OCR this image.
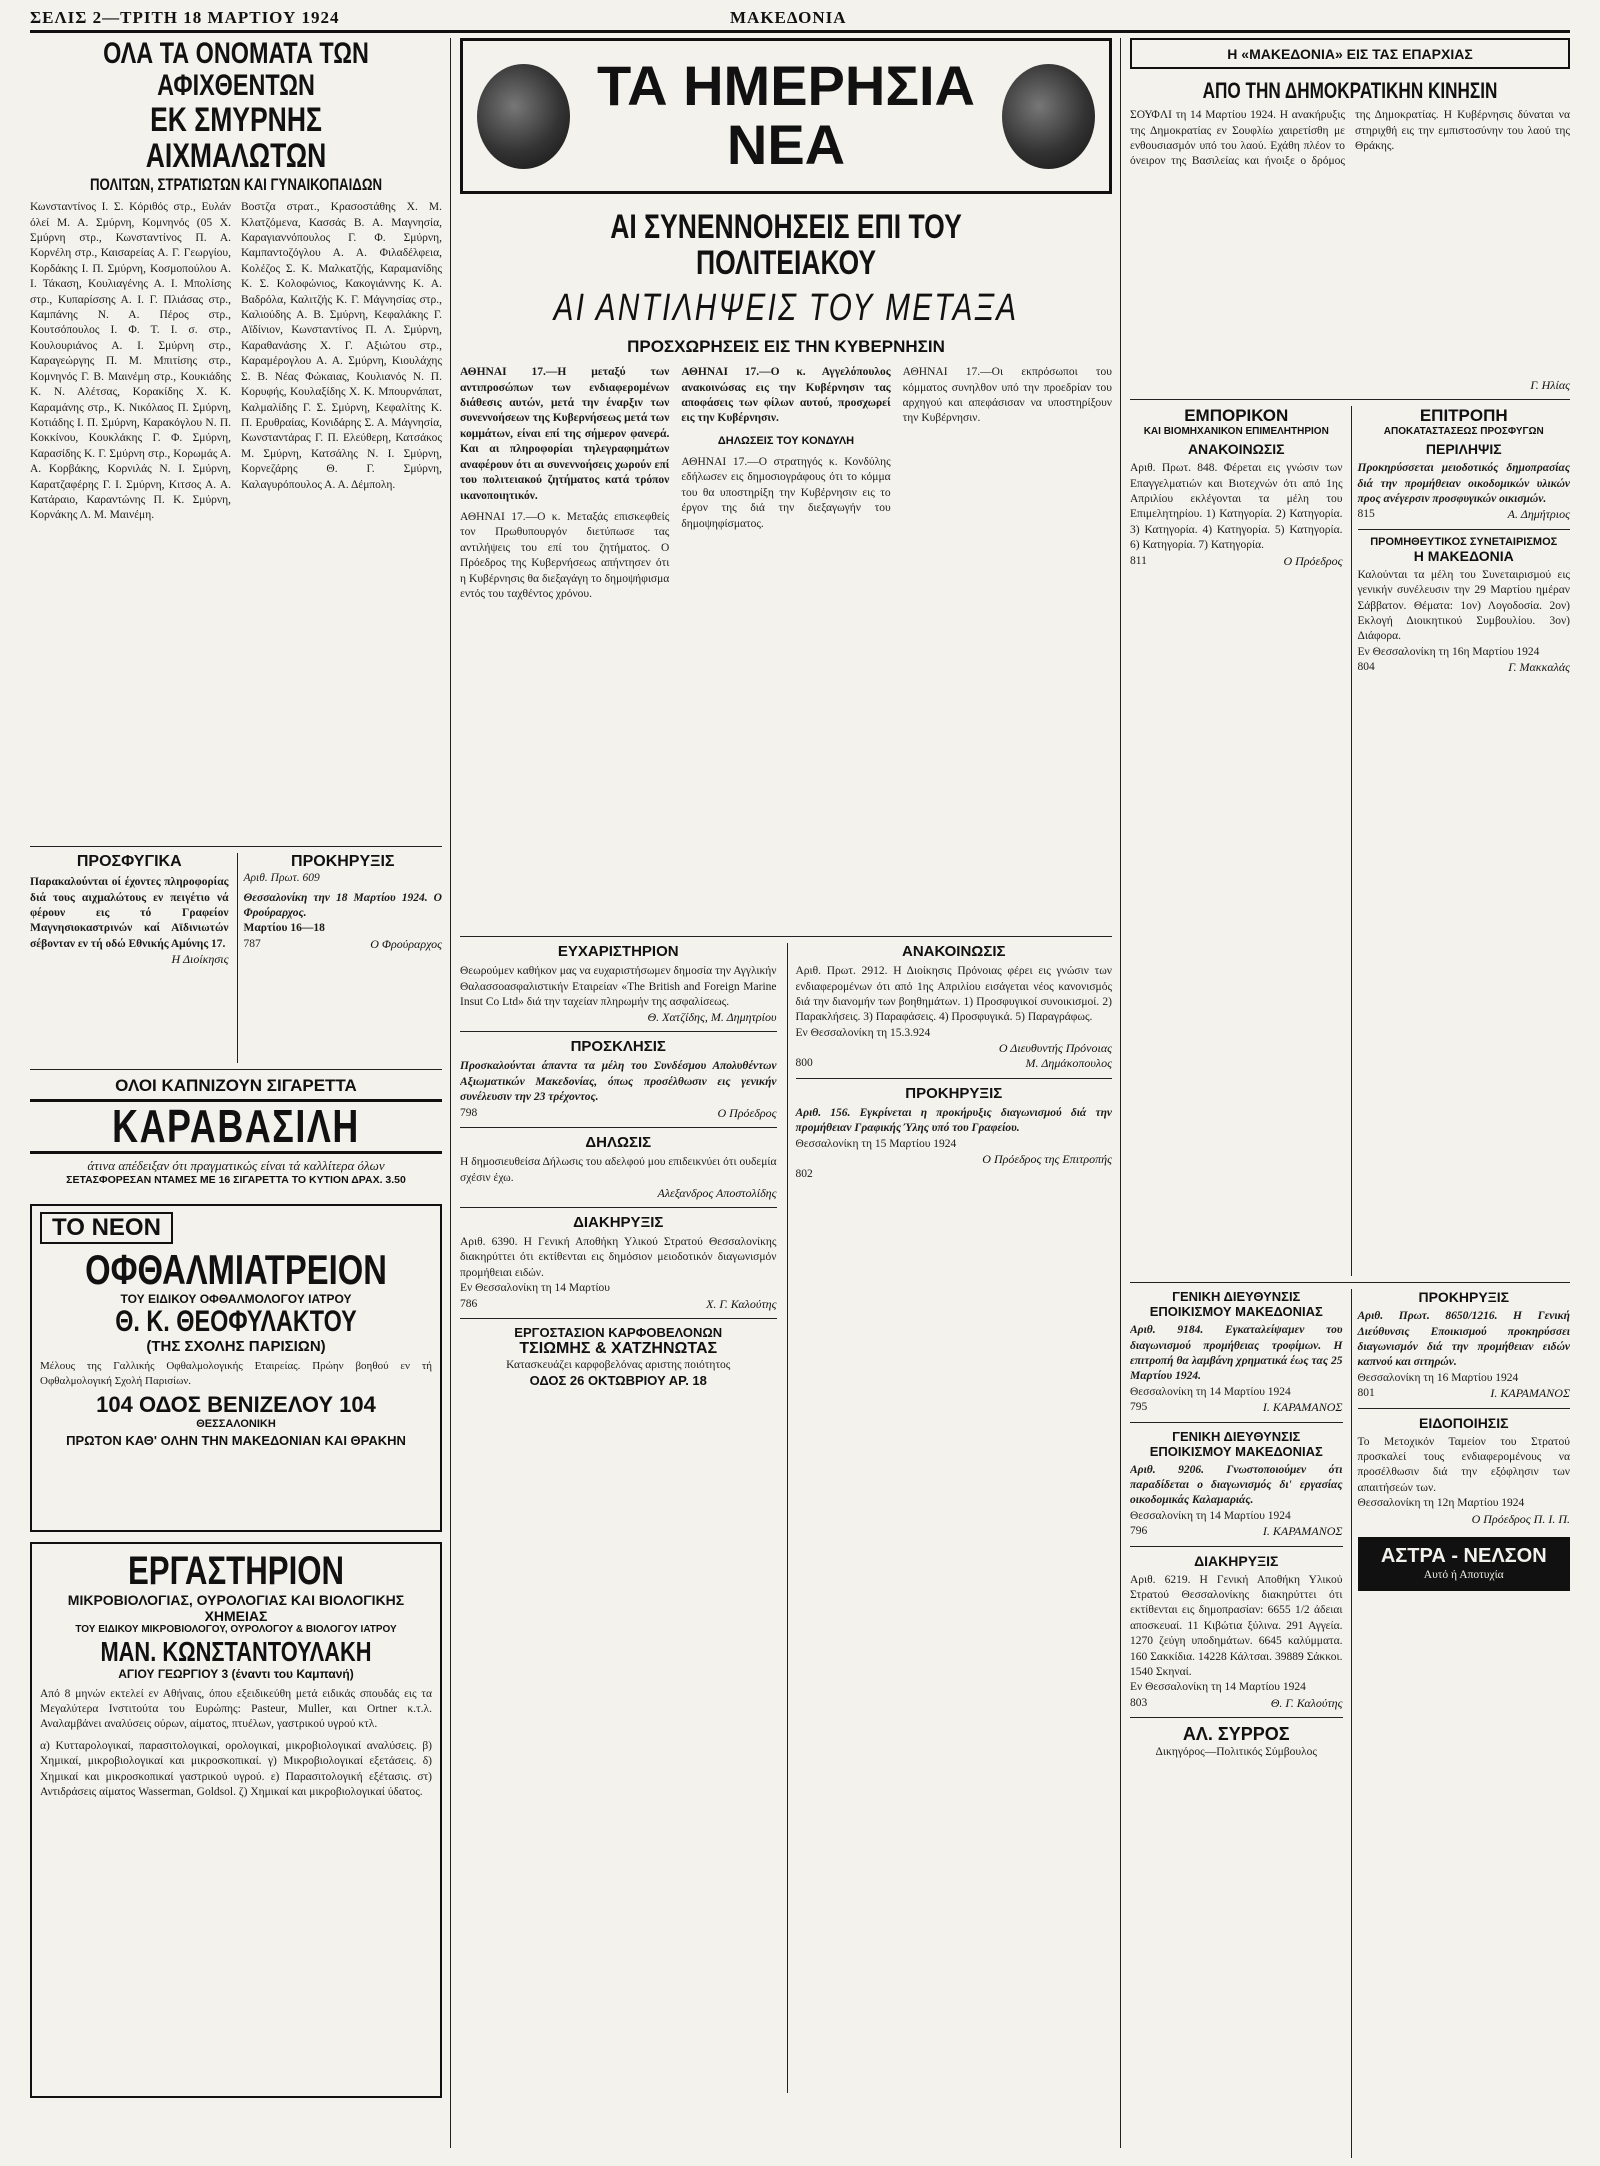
ΣΕΛΙΣ 2—ΤΡΙΤΗ 18 ΜΑΡΤΙΟΥ 1924	ΜΑΚΕΔΟΝΙΑ
ΟΛΑ ΤΑ ΟΝΟΜΑΤΑ ΤΩΝ ΑΦΙΧΘΕΝΤΩΝ
ΕΚ ΣΜΥΡΝΗΣ ΑΙΧΜΑΛΩΤΩΝ
ΠΟΛΙΤΩΝ, ΣΤΡΑΤΙΩΤΩΝ ΚΑΙ ΓΥΝΑΙΚΟΠΑΙΔΩΝ
Κωνσταντίνος Ι. Σ. Κόριθός στρ., Ευλάν όλεί Μ. Α. Σμύρνη, Κομνηνός (05 Χ. Σμύρνη στρ., Κωνσταντίνος Π. Α. Κορνέλη στρ., Καισαρείας Α. Γ. Γεωργίου, Κορδάκης Ι. Π. Σμύρνη, Κοσμοπούλου Α. Ι. Τάκαση, Κουλιαγένης Α. Ι. Μπολίσης στρ., Κυπαρίσσης Α. Ι. Γ. Πλιάσας στρ., Καμπάνης Ν. Α. Πέρος στρ., Κουτσόπουλος Ι. Φ. Τ. Ι. σ. στρ., Κουλουριάνος Α. Ι. Σμύρνη στρ., Καραγεώργης Π. Μ. Μπιτίσης στρ., Κομνηνός Γ. Β. Μαινέμη στρ., Κουκιάδης Κ. Ν. Αλέτσας, Κορακίδης Χ. Κ. Καραμάνης στρ., Κ. Νικόλαος Π. Σμύρνη, Κοτιάδης Ι. Π. Σμύρνη, Καρακόγλου Ν. Π. Κοκκίνου, Κουκλάκης Γ. Φ. Σμύρνη, Καρασίδης Κ. Γ. Σμύρνη στρ., Κορωμάς Α. Α. Κορβάκης, Κορνιλάς Ν. Ι. Σμύρνη, Καρατζαφέρης Γ. Ι. Σμύρνη, Κιτσος Α. Α. Κατάραιο, Καραντώνης Π. Κ. Σμύρνη, Κορνάκης Λ. Μ. Μαινέμη.
Βοστζα στρατ., Κρασοστάθης Χ. Μ. Κλατζόμενα, Κασσάς Β. Α. Μαγνησία, Καραγιαννόπουλος Γ. Φ. Σμύρνη, Καμπαντοζόγλου Α. Α. Φιλαδέλφεια, Κολέζος Σ. Κ. Μαλκατζής, Καραμανίδης Κ. Σ. Κολοφώνιος, Κακογιάννης Κ. Α. Βαδρόλα, Καλιτζής Κ. Γ. Μάγνησίας στρ., Καλιούδης Α. Β. Σμύρνη, Κεφαλάκης Γ. Αϊδίνιον, Κωνσταντίνος Π. Λ. Σμύρνη, Καραθανάσης Χ. Γ. Αξιώτου στρ., Καραμέρογλου Α. Α. Σμύρνη, Κιουλάχης Σ. Β. Νέας Φώκαιας, Κουλιανός Ν. Π. Κορυφής, Κουλαξίδης Χ. Κ. Μπουρνάπατ, Καλμαλίδης Γ. Σ. Σμύρνη, Κεφαλίτης Κ. Π. Ερυθραίας, Κονιδάρης Σ. Α. Μάγνησία, Κωνσταντάρας Γ. Π. Ελεύθερη, Κατσάκος Μ. Σμύρνη, Κατσάλης Ν. Ι. Σμύρνη, Κορνεζάρης Θ. Γ. Σμύρνη, Καλαγυρόπουλος Α. Α. Δέμπολη.
ΠΡΟΣΦΥΓΙΚΑ
Παρακαλούνται οί έχοντες πληροφορίας διά τους αιχμαλώτους εν πειγέτιο νά φέρουν εις τό Γραφείον Μαγνησιοκαστρινών καί Αϊδινιωτών σέβονταν εν τή οδώ Εθνικής Αμύνης 17.
Η Διοίκησις
ΠΡΟΚΗΡΥΞΙΣ
Αριθ. Πρωτ. 609
Θεσσαλονίκη την 18 Μαρτίου 1924. Ο Φρούραρχος.
Μαρτίου 16—18
787	Ο Φρούραρχος
ΟΛΟΙ ΚΑΠΝΙΖΟΥΝ ΣΙΓΑΡΕΤΤΑ
ΚΑΡΑΒΑΣΙΛΗ
άτινα απέδειξαν ότι πραγματικώς είναι τά καλλίτερα όλων
ΣΕΤΑΣΦΟΡΕΣΑΝ ΝΤΑΜΕΣ ΜΕ 16 ΣΙΓΑΡΕΤΤΑ ΤΟ ΚΥΤΙΟΝ ΔΡΑΧ. 3.50
ΤΟ ΝΕΟΝ
ΟΦΘΑΛΜΙΑΤΡΕΙΟΝ
ΤΟΥ ΕΙΔΙΚΟΥ ΟΦΘΑΛΜΟΛΟΓΟΥ ΙΑΤΡΟΥ
Θ. Κ. ΘΕΟΦΥΛΑΚΤΟΥ
(ΤΗΣ ΣΧΟΛΗΣ ΠΑΡΙΣΙΩΝ)
Μέλους της Γαλλικής Οφθαλμολογικής Εταιρείας. Πρώην βοηθού εν τή Οφθαλμολογική Σχολή Παρισίων.
104 ΟΔΟΣ ΒΕΝΙΖΕΛΟΥ 104
ΘΕΣΣΑΛΟΝΙΚΗ
ΠΡΩΤΟΝ ΚΑΘ' ΟΛΗΝ ΤΗΝ ΜΑΚΕΔΟΝΙΑΝ ΚΑΙ ΘΡΑΚΗΝ
ΕΡΓΑΣΤΗΡΙΟΝ
ΜΙΚΡΟΒΙΟΛΟΓΙΑΣ, ΟΥΡΟΛΟΓΙΑΣ ΚΑΙ ΒΙΟΛΟΓΙΚΗΣ ΧΗΜΕΙΑΣ
ΤΟΥ ΕΙΔΙΚΟΥ ΜΙΚΡΟΒΙΟΛΟΓΟΥ, ΟΥΡΟΛΟΓΟΥ & ΒΙΟΛΟΓΟΥ ΙΑΤΡΟΥ
ΜΑΝ. ΚΩΝΣΤΑΝΤΟΥΛΑΚΗ
ΑΓΙΟΥ ΓΕΩΡΓΙΟΥ 3 (έναντι του Καμπανή)
Από 8 μηνών εκτελεί εν Αθήναις, όπου εξειδικεύθη μετά ειδικάς σπουδάς εις τα Μεγαλύτερα Ινστιτούτα του Ευρώπης: Pasteur, Muller, και Ortner κ.τ.λ. Αναλαμβάνει αναλύσεις ούρων, αίματος, πτυέλων, γαστρικού υγρού κτλ.
α) Κυτταρολογικαί, παρασιτολογικαί, ορολογικαί, μικροβιολογικαί αναλύσεις. β) Χημικαί, μικροβιολογικαί και μικροσκοπικαί. γ) Μικροβιολογικαί εξετάσεις. δ) Χημικαί και μικροσκοπικαί γαστρικού υγρού. ε) Παρασιτολογική εξέτασις. στ) Αντιδράσεις αίματος Wasserman, Goldsol. ζ) Χημικαί και μικροβιολογικαί ύδατος.
ΤΑ ΗΜΕΡΗΣΙΑ ΝΕΑ
ΑΙ ΣΥΝΕΝΝΟΗΣΕΙΣ ΕΠΙ ΤΟΥ ΠΟΛΙΤΕΙΑΚΟΥ
ΑΙ ΑΝΤΙΛΗΨΕΙΣ ΤΟΥ ΜΕΤΑΞΑ
ΠΡΟΣΧΩΡΗΣΕΙΣ ΕΙΣ ΤΗΝ ΚΥΒΕΡΝΗΣΙΝ
ΑΘΗΝΑΙ 17.—Η μεταξύ των αντιπροσώπων των ενδιαφερομένων διάθεσις αυτών, μετά την έναρξιν των συνεννοήσεων της Κυβερνήσεως μετά των κομμάτων, είναι επί της σήμερον φανερά. Και αι πληροφορίαι τηλεγραφημάτων αναφέρουν ότι αι συνεννοήσεις χωρούν επί του πολιτειακού ζητήματος κατά τρόπον ικανοποιητικόν.
ΑΘΗΝΑΙ 17.—Ο κ. Μεταξάς επισκεφθείς τον Πρωθυπουργόν διετύπωσε τας αντιλήψεις του επί του ζητήματος. Ο Πρόεδρος της Κυβερνήσεως απήντησεν ότι η Κυβέρνησις θα διεξαγάγη το δημοψήφισμα εντός του ταχθέντος χρόνου.
ΑΘΗΝΑΙ 17.—Ο κ. Αγγελόπουλος ανακοινώσας εις την Κυβέρνησιν τας αποφάσεις των φίλων αυτού, προσχωρεί εις την Κυβέρνησιν.
ΔΗΛΩΣΕΙΣ ΤΟΥ ΚΟΝΔΥΛΗ
ΑΘΗΝΑΙ 17.—Ο στρατηγός κ. Κονδύλης εδήλωσεν εις δημοσιογράφους ότι το κόμμα του θα υποστηρίξη την Κυβέρνησιν εις το έργον της διά την διεξαγωγήν του δημοψηφίσματος.
ΑΘΗΝΑΙ 17.—Οι εκπρόσωποι του κόμματος συνηλθον υπό την προεδρίαν του αρχηγού και απεφάσισαν να υποστηρίξουν την Κυβέρνησιν.
ΕΥΧΑΡΙΣΤΗΡΙΟΝ
Θεωρούμεν καθήκον μας να ευχαριστήσωμεν δημοσία την Αγγλικήν Θαλασσοασφαλιστικήν Εταιρείαν «The British and Foreign Marine Insut Co Ltd» διά την ταχείαν πληρωμήν της ασφαλίσεως.
Θ. Χατζίδης, Μ. Δημητρίου
ΠΡΟΣΚΛΗΣΙΣ
Προσκαλούνται άπαντα τα μέλη του Συνδέσμου Απολυθέντων Αξιωματικών Μακεδονίας, όπως προσέλθωσιν εις γενικήν συνέλευσιν την 23 τρέχοντος.
798	Ο Πρόεδρος
ΔΗΛΩΣΙΣ
Η δημοσιευθείσα Δήλωσις του αδελφού μου επιδεικνύει ότι ουδεμία σχέσιν έχω.
Αλεξανδρος Αποστολίδης
ΔΙΑΚΗΡΥΞΙΣ
Αριθ. 6390. Η Γενική Αποθήκη Υλικού Στρατού Θεσσαλονίκης διακηρύττει ότι εκτίθενται εις δημόσιον μειοδοτικόν διαγωνισμόν προμήθειαι ειδών.
Εν Θεσσαλονίκη τη 14 Μαρτίου
786	Χ. Γ. Καλούτης
ΕΡΓΟΣΤΑΣΙΟΝ ΚΑΡΦΟΒΕΛΟΝΩΝ
ΤΣΙΩΜΗΣ & ΧΑΤΖΗΝΩΤΑΣ
Κατασκευάζει καρφοβελόνας αριστης ποιότητος
ΟΔΟΣ 26 ΟΚΤΩΒΡΙΟΥ ΑΡ. 18
ΑΝΑΚΟΙΝΩΣΙΣ
Αριθ. Πρωτ. 2912. Η Διοίκησις Πρόνοιας φέρει εις γνώσιν των ενδιαφερομένων ότι από 1ης Απριλίου εισάγεται νέος κανονισμός διά την διανομήν των βοηθημάτων. 1) Προσφυγικοί συνοικισμοί. 2) Παρακλήσεις. 3) Παραφάσεις. 4) Προσφυγικά. 5) Παραγράφως.
Εν Θεσσαλονίκη τη 15.3.924
Ο Διευθυντής Πρόνοιας
800	Μ. Δημάκοπουλος
ΠΡΟΚΗΡΥΞΙΣ
Αριθ. 156. Εγκρίνεται η προκήρυξις διαγωνισμού διά την προμήθειαν Γραφικής Ύλης υπό του Γραφείου.
Θεσσαλονίκη τη 15 Μαρτίου 1924
Ο Πρόεδρος της Επιτροπής
802
Η «ΜΑΚΕΔΟΝΙΑ» ΕΙΣ ΤΑΣ ΕΠΑΡΧΙΑΣ
ΑΠΟ ΤΗΝ ΔΗΜΟΚΡΑΤΙΚΗΝ ΚΙΝΗΣΙΝ
ΣΟΥΦΛΙ τη 14 Μαρτίου 1924. Η ανακήρυξις της Δημοκρατίας εν Σουφλίω χαιρετίσθη με ενθουσιασμόν υπό του λαού. Εχάθη πλέον το όνειρον της Βασιλείας και ήνοιξε ο δρόμος της Δημοκρατίας. Η Κυβέρνησις δύναται να στηριχθή εις την εμπιστοσύνην του λαού της Θράκης.
Γ. Ηλίας
ΕΜΠΟΡΙΚΟΝ
ΚΑΙ ΒΙΟΜΗΧΑΝΙΚΟΝ ΕΠΙΜΕΛΗΤΗΡΙΟΝ
ΑΝΑΚΟΙΝΩΣΙΣ
Αριθ. Πρωτ. 848. Φέρεται εις γνώσιν των Επαγγελματιών και Βιοτεχνών ότι από 1ης Απριλίου εκλέγονται τα μέλη του Επιμελητηρίου. 1) Κατηγορία. 2) Κατηγορία. 3) Κατηγορία. 4) Κατηγορία. 5) Κατηγορία. 6) Κατηγορία. 7) Κατηγορία.
811	Ο Πρόεδρος
ΕΠΙΤΡΟΠΗ
ΑΠΟΚΑΤΑΣΤΑΣΕΩΣ ΠΡΟΣΦΥΓΩΝ
ΠΕΡΙΛΗΨΙΣ
Προκηρύσσεται μειοδοτικός δημοπρασίας διά την προμήθειαν οικοδομικών υλικών προς ανέγερσιν προσφυγικών οικισμών.
815	Α. Δημήτριος
ΠΡΟΜΗΘΕΥΤΙΚΟΣ ΣΥΝΕΤΑΙΡΙΣΜΟΣ
Η ΜΑΚΕΔΟΝΙΑ
Καλούνται τα μέλη του Συνεταιρισμού εις γενικήν συνέλευσιν την 29 Μαρτίου ημέραν Σάββατον. Θέματα: 1ον) Λογοδοσία. 2ον) Εκλογή Διοικητικού Συμβουλίου. 3ον) Διάφορα.
Εν Θεσσαλονίκη τη 16η Μαρτίου 1924
804	Γ. Μακκαλάς
ΓΕΝΙΚΗ ΔΙΕΥΘΥΝΣΙΣ
ΕΠΟΙΚΙΣΜΟΥ ΜΑΚΕΔΟΝΙΑΣ
Αριθ. 9184. Εγκαταλείψαμεν του διαγωνισμού προμήθειας τροφίμων. Η επιτροπή θα λαμβάνη χρηματικά έως τας 25 Μαρτίου 1924.
Θεσσαλονίκη τη 14 Μαρτίου 1924
795	Ι. ΚΑΡΑΜΑΝΟΣ
ΓΕΝΙΚΗ ΔΙΕΥΘΥΝΣΙΣ
ΕΠΟΙΚΙΣΜΟΥ ΜΑΚΕΔΟΝΙΑΣ
Αριθ. 9206. Γνωστοποιούμεν ότι παραδίδεται ο διαγωνισμός δι' εργασίας οικοδομικάς Καλαμαριάς.
Θεσσαλονίκη τη 14 Μαρτίου 1924
796	Ι. ΚΑΡΑΜΑΝΟΣ
ΔΙΑΚΗΡΥΞΙΣ
Αριθ. 6219. Η Γενική Αποθήκη Υλικού Στρατού Θεσσαλονίκης διακηρύττει ότι εκτίθενται εις δημοπρασίαν: 6655 1/2 άδειαι αποσκευαί. 11 Κιβώτια ξύλινα. 291 Αγγεία. 1270 ζεύγη υποδημάτων. 6645 καλύμματα. 160 Σακκίδια. 14228 Κάλτσαι. 39889 Σάκκοι. 1540 Σκηναί.
Εν Θεσσαλονίκη τη 14 Μαρτίου 1924
803	Θ. Γ. Καλούτης
ΑΛ. ΣΥΡΡΟΣ
Δικηγόρος—Πολιτικός Σύμβουλος
ΠΡΟΚΗΡΥΞΙΣ
Αριθ. Πρωτ. 8650/1216. Η Γενική Διεύθυνσις Εποικισμού προκηρύσσει διαγωνισμόν διά την προμήθειαν ειδών καπνού και σιτηρών.
Θεσσαλονίκη τη 16 Μαρτίου 1924
801	Ι. ΚΑΡΑΜΑΝΟΣ
ΕΙΔΟΠΟΙΗΣΙΣ
Το Μετοχικόν Ταμείον του Στρατού προσκαλεί τους ενδιαφερομένους να προσέλθωσιν διά την εξόφλησιν των απαιτήσεών των.
Θεσσαλονίκη τη 12η Μαρτίου 1924
Ο Πρόεδρος Π. Ι. Π.
ΑΣΤΡΑ - ΝΕΛΣΟΝ
Αυτό ή Αποτυχία
